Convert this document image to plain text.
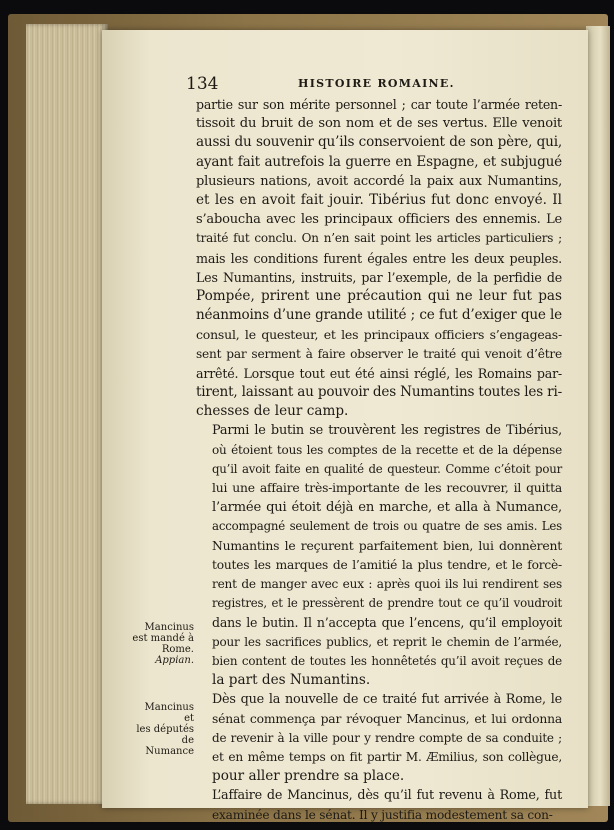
134	HISTOIRE ROMAINE.
Mancinus
est mandé à
Rome.
Appian.
Mancinus et
les députés
de Numance
partie sur son mérite personnel ; car toute l’armée reten-
tissoit du bruit de son nom et de ses vertus. Elle venoit
aussi du souvenir qu’ils conservoient de son père, qui,
ayant fait autrefois la guerre en Espagne, et subjugué
plusieurs nations, avoit accordé la paix aux Numantins,
et les en avoit fait jouir. Tibérius fut donc envoyé. Il
s’aboucha avec les principaux officiers des ennemis. Le
traité fut conclu. On n’en sait point les articles particuliers ;
mais les conditions furent égales entre les deux peuples.
Les Numantins, instruits, par l’exemple, de la perfidie de
Pompée, prirent une précaution qui ne leur fut pas
néanmoins d’une grande utilité ; ce fut d’exiger que le
consul, le questeur, et les principaux officiers s’engageas-
sent par serment à faire observer le traité qui venoit d’être
arrêté. Lorsque tout eut été ainsi réglé, les Romains par-
tirent, laissant au pouvoir des Numantins toutes les ri-
chesses de leur camp.
Parmi le butin se trouvèrent les registres de Tibérius,
où étoient tous les comptes de la recette et de la dépense
qu’il avoit faite en qualité de questeur. Comme c’étoit pour
lui une affaire très-importante de les recouvrer, il quitta
l’armée qui étoit déjà en marche, et alla à Numance,
accompagné seulement de trois ou quatre de ses amis. Les
Numantins le reçurent parfaitement bien, lui donnèrent
toutes les marques de l’amitié la plus tendre, et le forcè-
rent de manger avec eux : après quoi ils lui rendirent ses
registres, et le pressèrent de prendre tout ce qu’il voudroit
dans le butin. Il n’accepta que l’encens, qu’il employoit
pour les sacrifices publics, et reprit le chemin de l’armée,
bien content de toutes les honnêtetés qu’il avoit reçues de
la part des Numantins.
Dès que la nouvelle de ce traité fut arrivée à Rome, le
sénat commença par révoquer Mancinus, et lui ordonna
de revenir à la ville pour y rendre compte de sa conduite ;
et en même temps on fit partir M. Æmilius, son collègue,
pour aller prendre sa place.
L’affaire de Mancinus, dès qu’il fut revenu à Rome, fut
examinée dans le sénat. Il y justifia modestement sa con-
